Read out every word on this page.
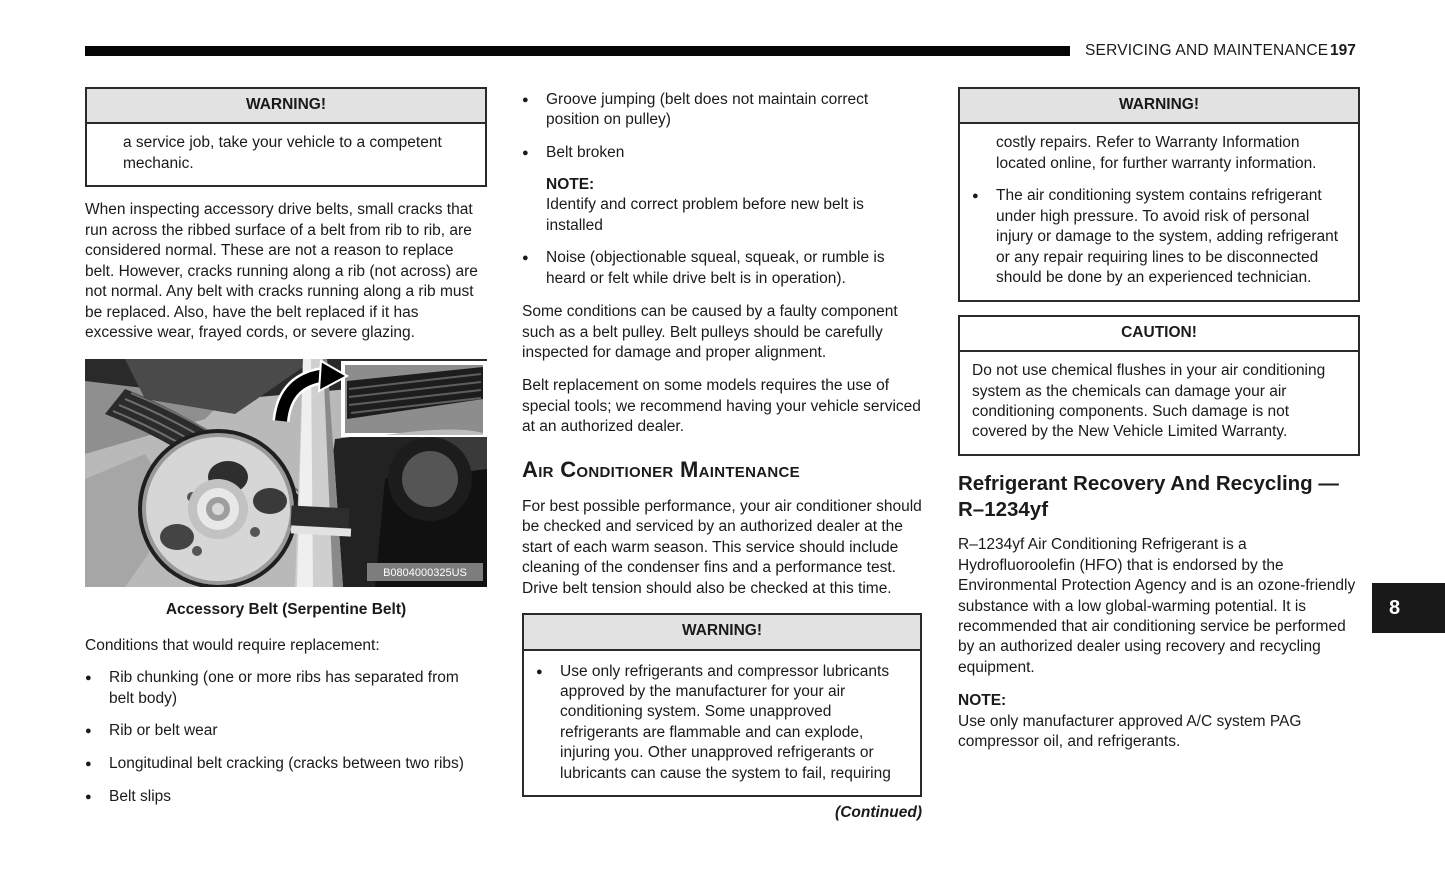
SERVICING AND MAINTENANCE 197
WARNING!
a service job, take your vehicle to a competent mechanic.

When inspecting accessory drive belts, small cracks that run across the ribbed surface of a belt from rib to rib, are considered normal. These are not a reason to replace belt. However, cracks running along a rib (not across) are not normal. Any belt with cracks running along a rib must be replaced. Also, have the belt replaced if it has excessive wear, frayed cords, or severe glazing.

B0804000325US
Accessory Belt (Serpentine Belt)

Conditions that would require replacement:

●	Rib chunking (one or more ribs has separated from belt body)
●	Rib or belt wear
●	Longitudinal belt cracking (cracks between two ribs)
●	Belt slips
●	Groove jumping (belt does not maintain correct position on pulley)
●	Belt broken
NOTE:
Identify and correct problem before new belt is installed
●	Noise (objectionable squeal, squeak, or rumble is heard or felt while drive belt is in operation).

Some conditions can be caused by a faulty component such as a belt pulley. Belt pulleys should be carefully inspected for damage and proper alignment.

Belt replacement on some models requires the use of special tools; we recommend having your vehicle serviced at an authorized dealer.

Air Conditioner Maintenance

For best possible performance, your air conditioner should be checked and serviced by an authorized dealer at the start of each warm season. This service should include cleaning of the condenser fins and a performance test. Drive belt tension should also be checked at this time.

WARNING!
●	Use only refrigerants and compressor lubricants approved by the manufacturer for your air conditioning system. Some unapproved refrigerants are flammable and can explode, injuring you. Other unapproved refrigerants or lubricants can cause the system to fail, requiring
(Continued)
WARNING!
costly repairs. Refer to Warranty Information located online, for further warranty information.
●	The air conditioning system contains refrigerant under high pressure. To avoid risk of personal injury or damage to the system, adding refrigerant or any repair requiring lines to be disconnected should be done by an experienced technician.
CAUTION!
Do not use chemical flushes in your air conditioning system as the chemicals can damage your air conditioning components. Such damage is not covered by the New Vehicle Limited Warranty.
Refrigerant Recovery And Recycling — R–1234yf

R–1234yf Air Conditioning Refrigerant is a Hydrofluoroolefin (HFO) that is endorsed by the Environmental Protection Agency and is an ozone-friendly substance with a low global-warming potential. It is recommended that air conditioning service be performed by an authorized dealer using recovery and recycling equipment.

NOTE:
Use only manufacturer approved A/C system PAG compressor oil, and refrigerants.
8
